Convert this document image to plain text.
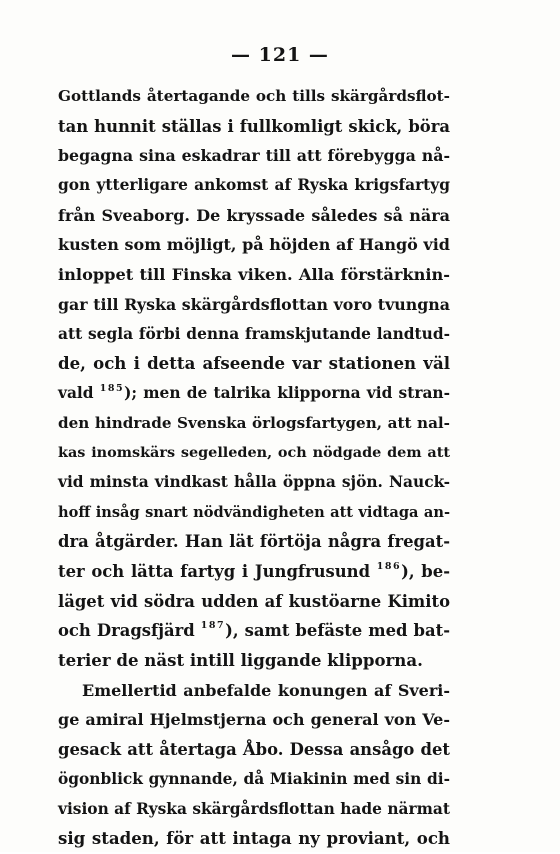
— 121 —
Gottlands återtagande och tills skärgårdsflot-
tan hunnit ställas i fullkomligt skick, böra
begagna sina eskadrar till att förebygga nå-
gon ytterligare ankomst af Ryska krigsfartyg
från Sveaborg. De kryssade således så nära
kusten som möjligt, på höjden af Hangö vid
inloppet till Finska viken. Alla förstärknin-
gar till Ryska skärgårdsflottan voro tvungna
att segla förbi denna framskjutande landtud-
de, och i detta afseende var stationen väl
vald $^{185}$); men de talrika klipporna vid stran-
den hindrade Svenska örlogsfartygen, att nal-
kas inomskärs segelleden, och nödgade dem att
vid minsta vindkast hålla öppna sjön. Nauck-
hoff insåg snart nödvändigheten att vidtaga an-
dra åtgärder. Han lät förtöja några fregat-
ter och lätta fartyg i Jungfrusund $^{186}$), be-
läget vid södra udden af kustöarne Kimito
och Dragsfjärd $^{187}$), samt befäste med bat-
terier de näst intill liggande klipporna.
Emellertid anbefalde konungen af Sveri-
ge amiral Hjelmstjerna och general von Ve-
gesack att återtaga Åbo. Dessa ansågo det
ögonblick gynnande, då Miakinin med sin di-
vision af Ryska skärgårdsflottan hade närmat
sig staden, för att intaga ny proviant, och
